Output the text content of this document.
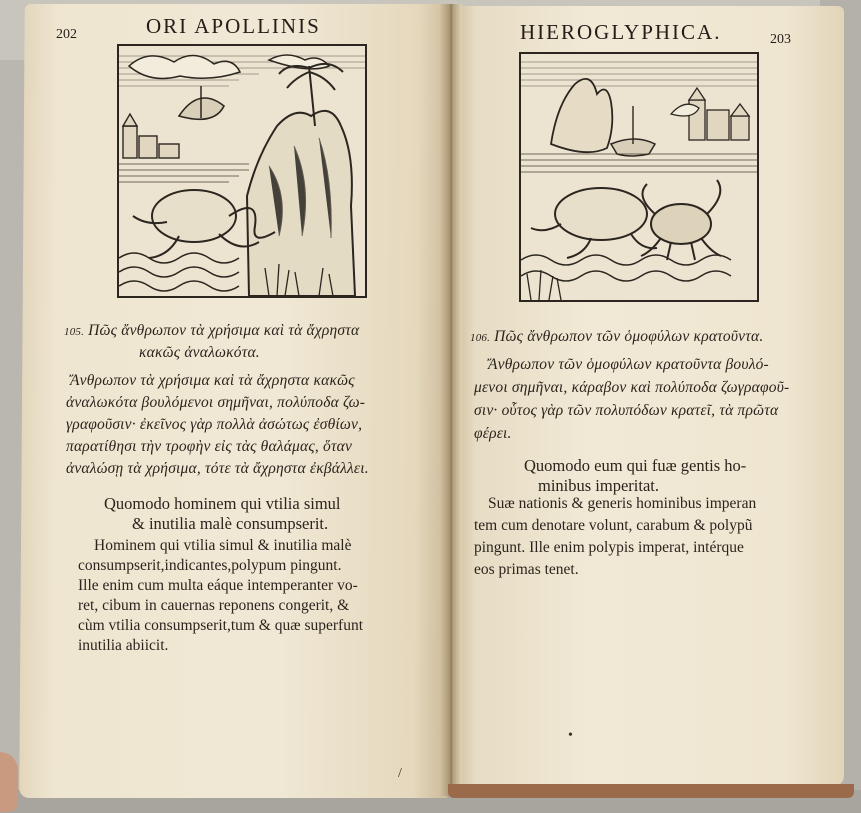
202	ORI APOLLINIS
105. Πῶς ἄνθρωπον τὰ χρήσιμα καὶ τὰ ἄχρηστα
κακῶς ἀναλωκότα.
Ἄνθρωπον τὰ χρήσιμα καὶ τὰ ἄχρηστα κακῶς
ἀναλωκότα βουλόμενοι σημῆναι, πολύποδα ζω-
γραφοῦσιν· ἐκεῖνος γὰρ πολλὰ ἀσώτως ἐσθίων,
παρατίθησι τὴν τροφὴν εἰς τὰς θαλάμας, ὅταν
ἀναλώσῃ τὰ χρήσιμα, τότε τὰ ἄχρηστα ἐκβάλλει.
Quomodo hominem qui vtilia simul
& inutilia malè consumpserit.
Hominem qui vtilia simul & inutilia malè
consumpserit,indicantes,polypum pingunt.
Ille enim cum multa eáque intemperanter vo-
ret, cibum in cauernas reponens congerit, &
cùm vtilia consumpserit,tum & quæ superfunt
inutilia abiicit.
/
HIEROGLYPHICA.	203
106. Πῶς ἄνθρωπον τῶν ὁμοφύλων κρατοῦντα.
Ἄνθρωπον τῶν ὁμοφύλων κρατοῦντα βουλό-
μενοι σημῆναι, κάραβον καὶ πολύποδα ζωγραφοῦ-
σιν· οὗτος γὰρ τῶν πολυπόδων κρατεῖ, τὰ πρῶτα
φέρει.
Quomodo eum qui fuæ gentis ho-
minibus imperitat.
Suæ nationis & generis hominibus imperan
tem cum denotare volunt, carabum & polypũ
pingunt. Ille enim polypis imperat, intérque
eos primas tenet.
•
